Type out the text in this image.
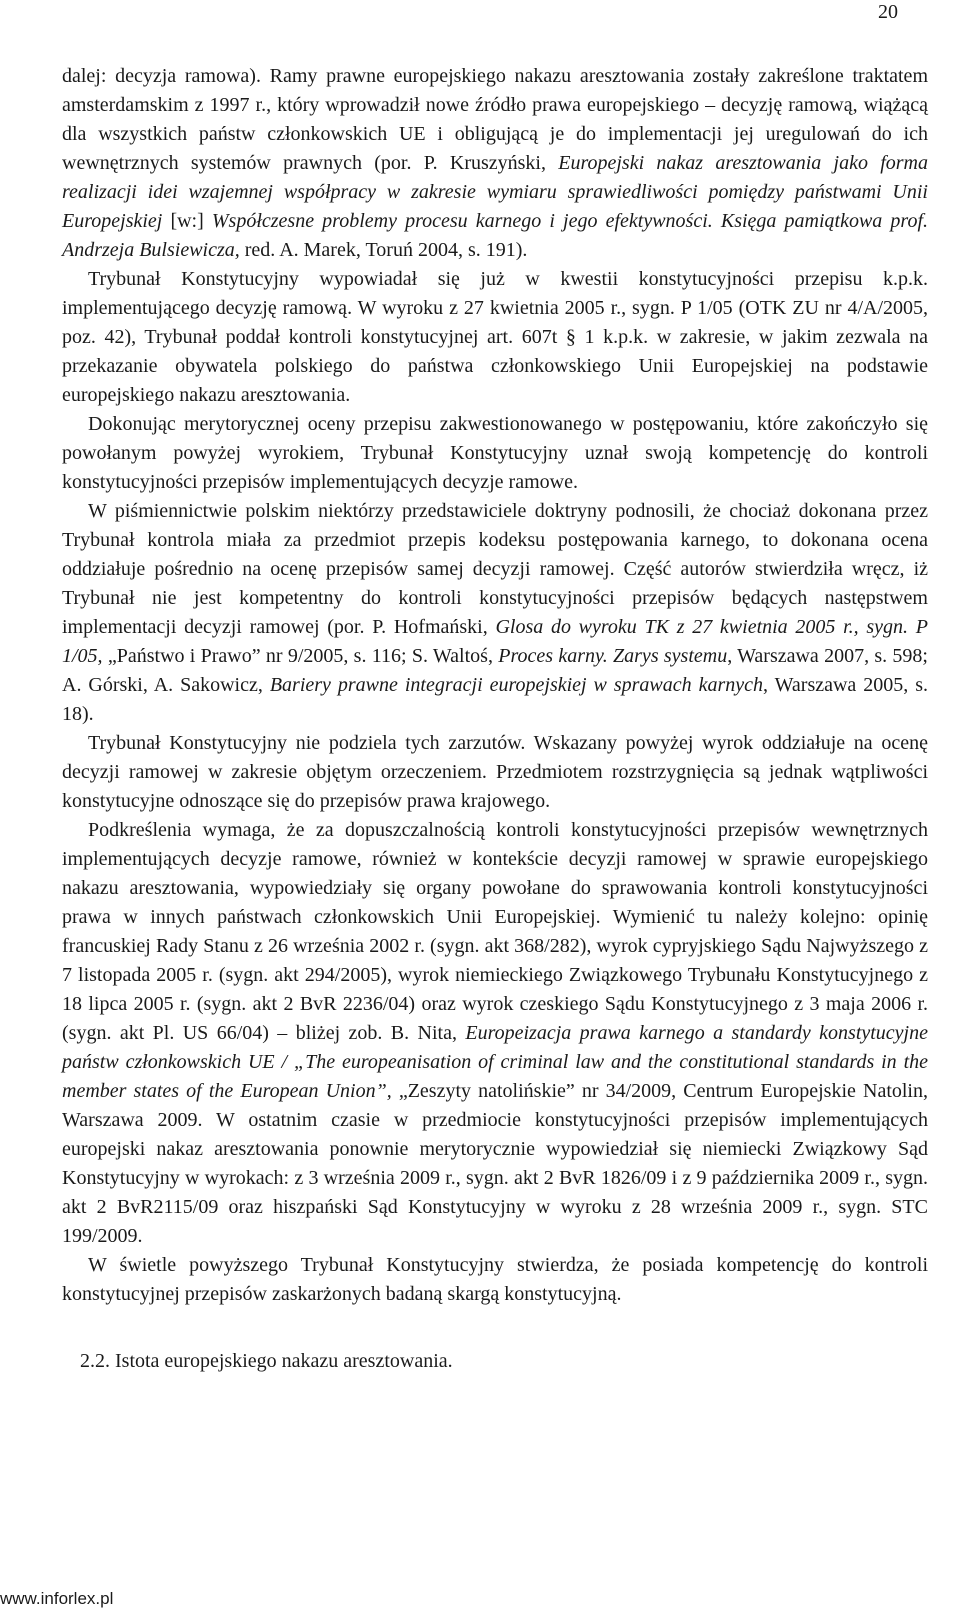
20

dalej: decyzja ramowa). Ramy prawne europejskiego nakazu aresztowania zostały zakreślone traktatem amsterdamskim z 1997 r., który wprowadził nowe źródło prawa europejskiego – decyzję ramową, wiążącą dla wszystkich państw członkowskich UE i obligującą je do implementacji jej uregulowań do ich wewnętrznych systemów prawnych (por. P. Kruszyński, Europejski nakaz aresztowania jako forma realizacji idei wzajemnej współpracy w zakresie wymiaru sprawiedliwości pomiędzy państwami Unii Europejskiej [w:] Współczesne problemy procesu karnego i jego efektywności. Księga pamiątkowa prof. Andrzeja Bulsiewicza, red. A. Marek, Toruń 2004, s. 191).

Trybunał Konstytucyjny wypowiadał się już w kwestii konstytucyjności przepisu k.p.k. implementującego decyzję ramową. W wyroku z 27 kwietnia 2005 r., sygn. P 1/05 (OTK ZU nr 4/A/2005, poz. 42), Trybunał poddał kontroli konstytucyjnej art. 607t § 1 k.p.k. w zakresie, w jakim zezwala na przekazanie obywatela polskiego do państwa członkowskiego Unii Europejskiej na podstawie europejskiego nakazu aresztowania.

Dokonując merytorycznej oceny przepisu zakwestionowanego w postępowaniu, które zakończyło się powołanym powyżej wyrokiem, Trybunał Konstytucyjny uznał swoją kompetencję do kontroli konstytucyjności przepisów implementujących decyzje ramowe.

W piśmiennictwie polskim niektórzy przedstawiciele doktryny podnosili, że chociaż dokonana przez Trybunał kontrola miała za przedmiot przepis kodeksu postępowania karnego, to dokonana ocena oddziałuje pośrednio na ocenę przepisów samej decyzji ramowej. Część autorów stwierdziła wręcz, iż Trybunał nie jest kompetentny do kontroli konstytucyjności przepisów będących następstwem implementacji decyzji ramowej (por. P. Hofmański, Glosa do wyroku TK z 27 kwietnia 2005 r., sygn. P 1/05, „Państwo i Prawo” nr 9/2005, s. 116; S. Waltoś, Proces karny. Zarys systemu, Warszawa 2007, s. 598; A. Górski, A. Sakowicz, Bariery prawne integracji europejskiej w sprawach karnych, Warszawa 2005, s. 18).

Trybunał Konstytucyjny nie podziela tych zarzutów. Wskazany powyżej wyrok oddziałuje na ocenę decyzji ramowej w zakresie objętym orzeczeniem. Przedmiotem rozstrzygnięcia są jednak wątpliwości konstytucyjne odnoszące się do przepisów prawa krajowego.

Podkreślenia wymaga, że za dopuszczalnością kontroli konstytucyjności przepisów wewnętrznych implementujących decyzje ramowe, również w kontekście decyzji ramowej w sprawie europejskiego nakazu aresztowania, wypowiedziały się organy powołane do sprawowania kontroli konstytucyjności prawa w innych państwach członkowskich Unii Europejskiej. Wymienić tu należy kolejno: opinię francuskiej Rady Stanu z 26 września 2002 r. (sygn. akt 368/282), wyrok cypryjskiego Sądu Najwyższego z 7 listopada 2005 r. (sygn. akt 294/2005), wyrok niemieckiego Związkowego Trybunału Konstytucyjnego z 18 lipca 2005 r. (sygn. akt 2 BvR 2236/04) oraz wyrok czeskiego Sądu Konstytucyjnego z 3 maja 2006 r. (sygn. akt Pl. US 66/04) – bliżej zob. B. Nita, Europeizacja prawa karnego a standardy konstytucyjne państw członkowskich UE / „The europeanisation of criminal law and the constitutional standards in the member states of the European Union”, „Zeszyty natolińskie” nr 34/2009, Centrum Europejskie Natolin, Warszawa 2009. W ostatnim czasie w przedmiocie konstytucyjności przepisów implementujących europejski nakaz aresztowania ponownie merytorycznie wypowiedział się niemiecki Związkowy Sąd Konstytucyjny w wyrokach: z 3 września 2009 r., sygn. akt 2 BvR 1826/09 i z 9 października 2009 r., sygn. akt 2 BvR2115/09 oraz hiszpański Sąd Konstytucyjny w wyroku z 28 września 2009 r., sygn. STC 199/2009.

W świetle powyższego Trybunał Konstytucyjny stwierdza, że posiada kompetencję do kontroli konstytucyjnej przepisów zaskarżonych badaną skargą konstytucyjną.

2.2. Istota europejskiego nakazu aresztowania.

www.inforlex.pl
